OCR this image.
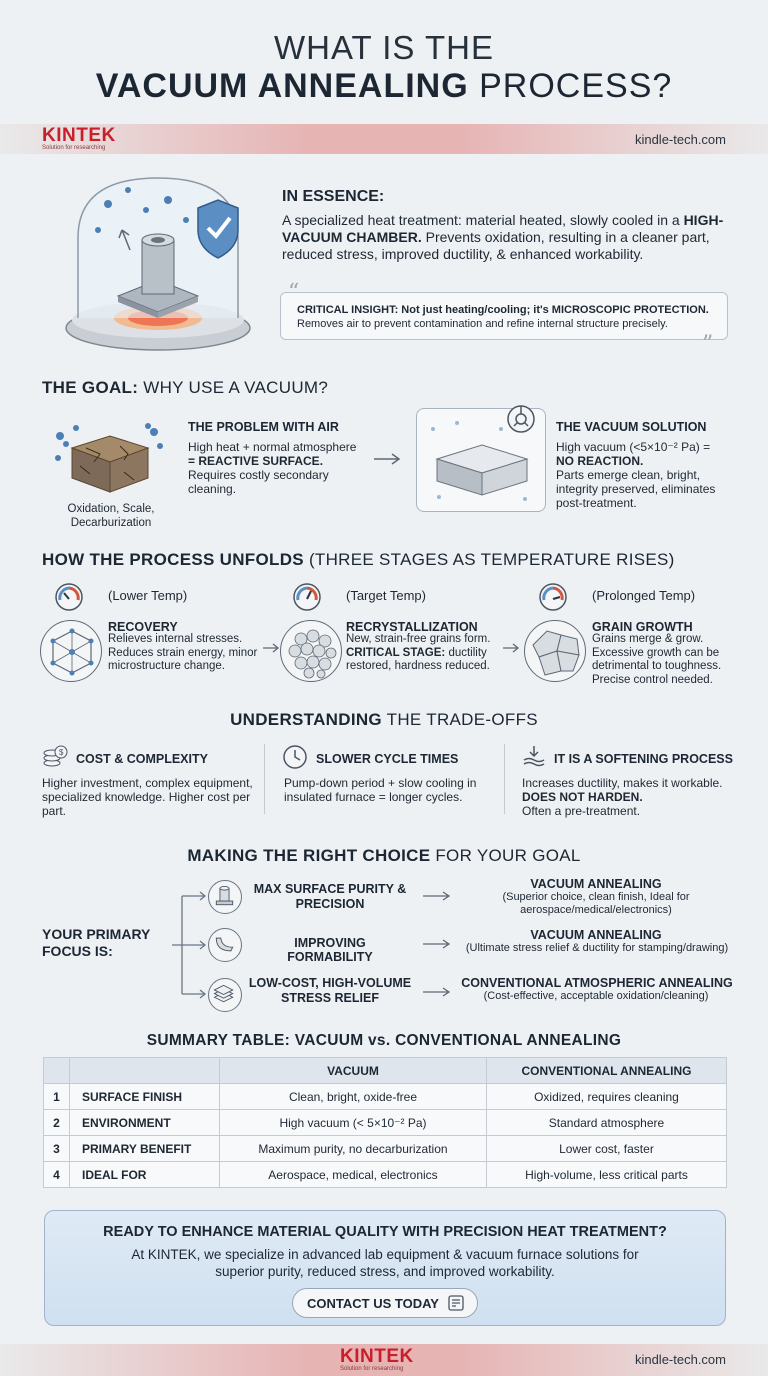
WHAT IS THE
VACUUM ANNEALING PROCESS?
KINTEK
Solution for researching
kindle-tech.com
IN ESSENCE:
A specialized heat treatment: material heated, slowly cooled in a HIGH-VACUUM CHAMBER. Prevents oxidation, resulting in a cleaner part, reduced stress, improved ductility, & enhanced workability.
CRITICAL INSIGHT: Not just heating/cooling; it's MICROSCOPIC PROTECTION.
Removes air to prevent contamination and refine internal structure precisely.
“
”
THE GOAL: WHY USE A VACUUM?
Oxidation, Scale, Decarburization
THE PROBLEM WITH AIR
High heat + normal atmosphere
= REACTIVE SURFACE.
Requires costly secondary cleaning.
THE VACUUM SOLUTION
High vacuum (<5×10⁻² Pa) =
NO REACTION.
Parts emerge clean, bright, integrity preserved, eliminates post-treatment.
HOW THE PROCESS UNFOLDS (THREE STAGES AS TEMPERATURE RISES)
(Lower Temp)
RECOVERY
Relieves internal stresses. Reduces strain energy, minor microstructure change.
(Target Temp)
RECRYSTALLIZATION
New, strain-free grains form.
CRITICAL STAGE: ductility restored, hardness reduced.
(Prolonged Temp)
GRAIN GROWTH
Grains merge & grow. Excessive growth can be detrimental to toughness. Precise control needed.
UNDERSTANDING THE TRADE-OFFS
$ COST & COMPLEXITY
Higher investment, complex equipment, specialized knowledge. Higher cost per part.
SLOWER CYCLE TIMES
Pump-down period + slow cooling in insulated furnace = longer cycles.
IT IS A SOFTENING PROCESS
Increases ductility, makes it workable.
DOES NOT HARDEN.
Often a pre-treatment.
MAKING THE RIGHT CHOICE FOR YOUR GOAL
YOUR PRIMARY FOCUS IS:
MAX SURFACE PURITY & PRECISION
IMPROVING FORMABILITY
LOW-COST, HIGH-VOLUME STRESS RELIEF
VACUUM ANNEALING
(Superior choice, clean finish, Ideal for aerospace/medical/electronics)
VACUUM ANNEALING
(Ultimate stress relief & ductility for stamping/drawing)
CONVENTIONAL ATMOSPHERIC ANNEALING
(Cost-effective, acceptable oxidation/cleaning)
SUMMARY TABLE: VACUUM vs. CONVENTIONAL ANNEALING
		VACUUM	CONVENTIONAL ANNEALING
1	SURFACE FINISH	Clean, bright, oxide-free	Oxidized, requires cleaning
2	ENVIRONMENT	High vacuum (< 5×10⁻² Pa)	Standard atmosphere
3	PRIMARY BENEFIT	Maximum purity, no decarburization	Lower cost, faster
4	IDEAL FOR	Aerospace, medical, electronics	High-volume, less critical parts
READY TO ENHANCE MATERIAL QUALITY WITH PRECISION HEAT TREATMENT?
At KINTEK, we specialize in advanced lab equipment & vacuum furnace solutions for superior purity, reduced stress, and improved workability.
CONTACT US TODAY
KINTEK
Solution for researching
kindle-tech.com
